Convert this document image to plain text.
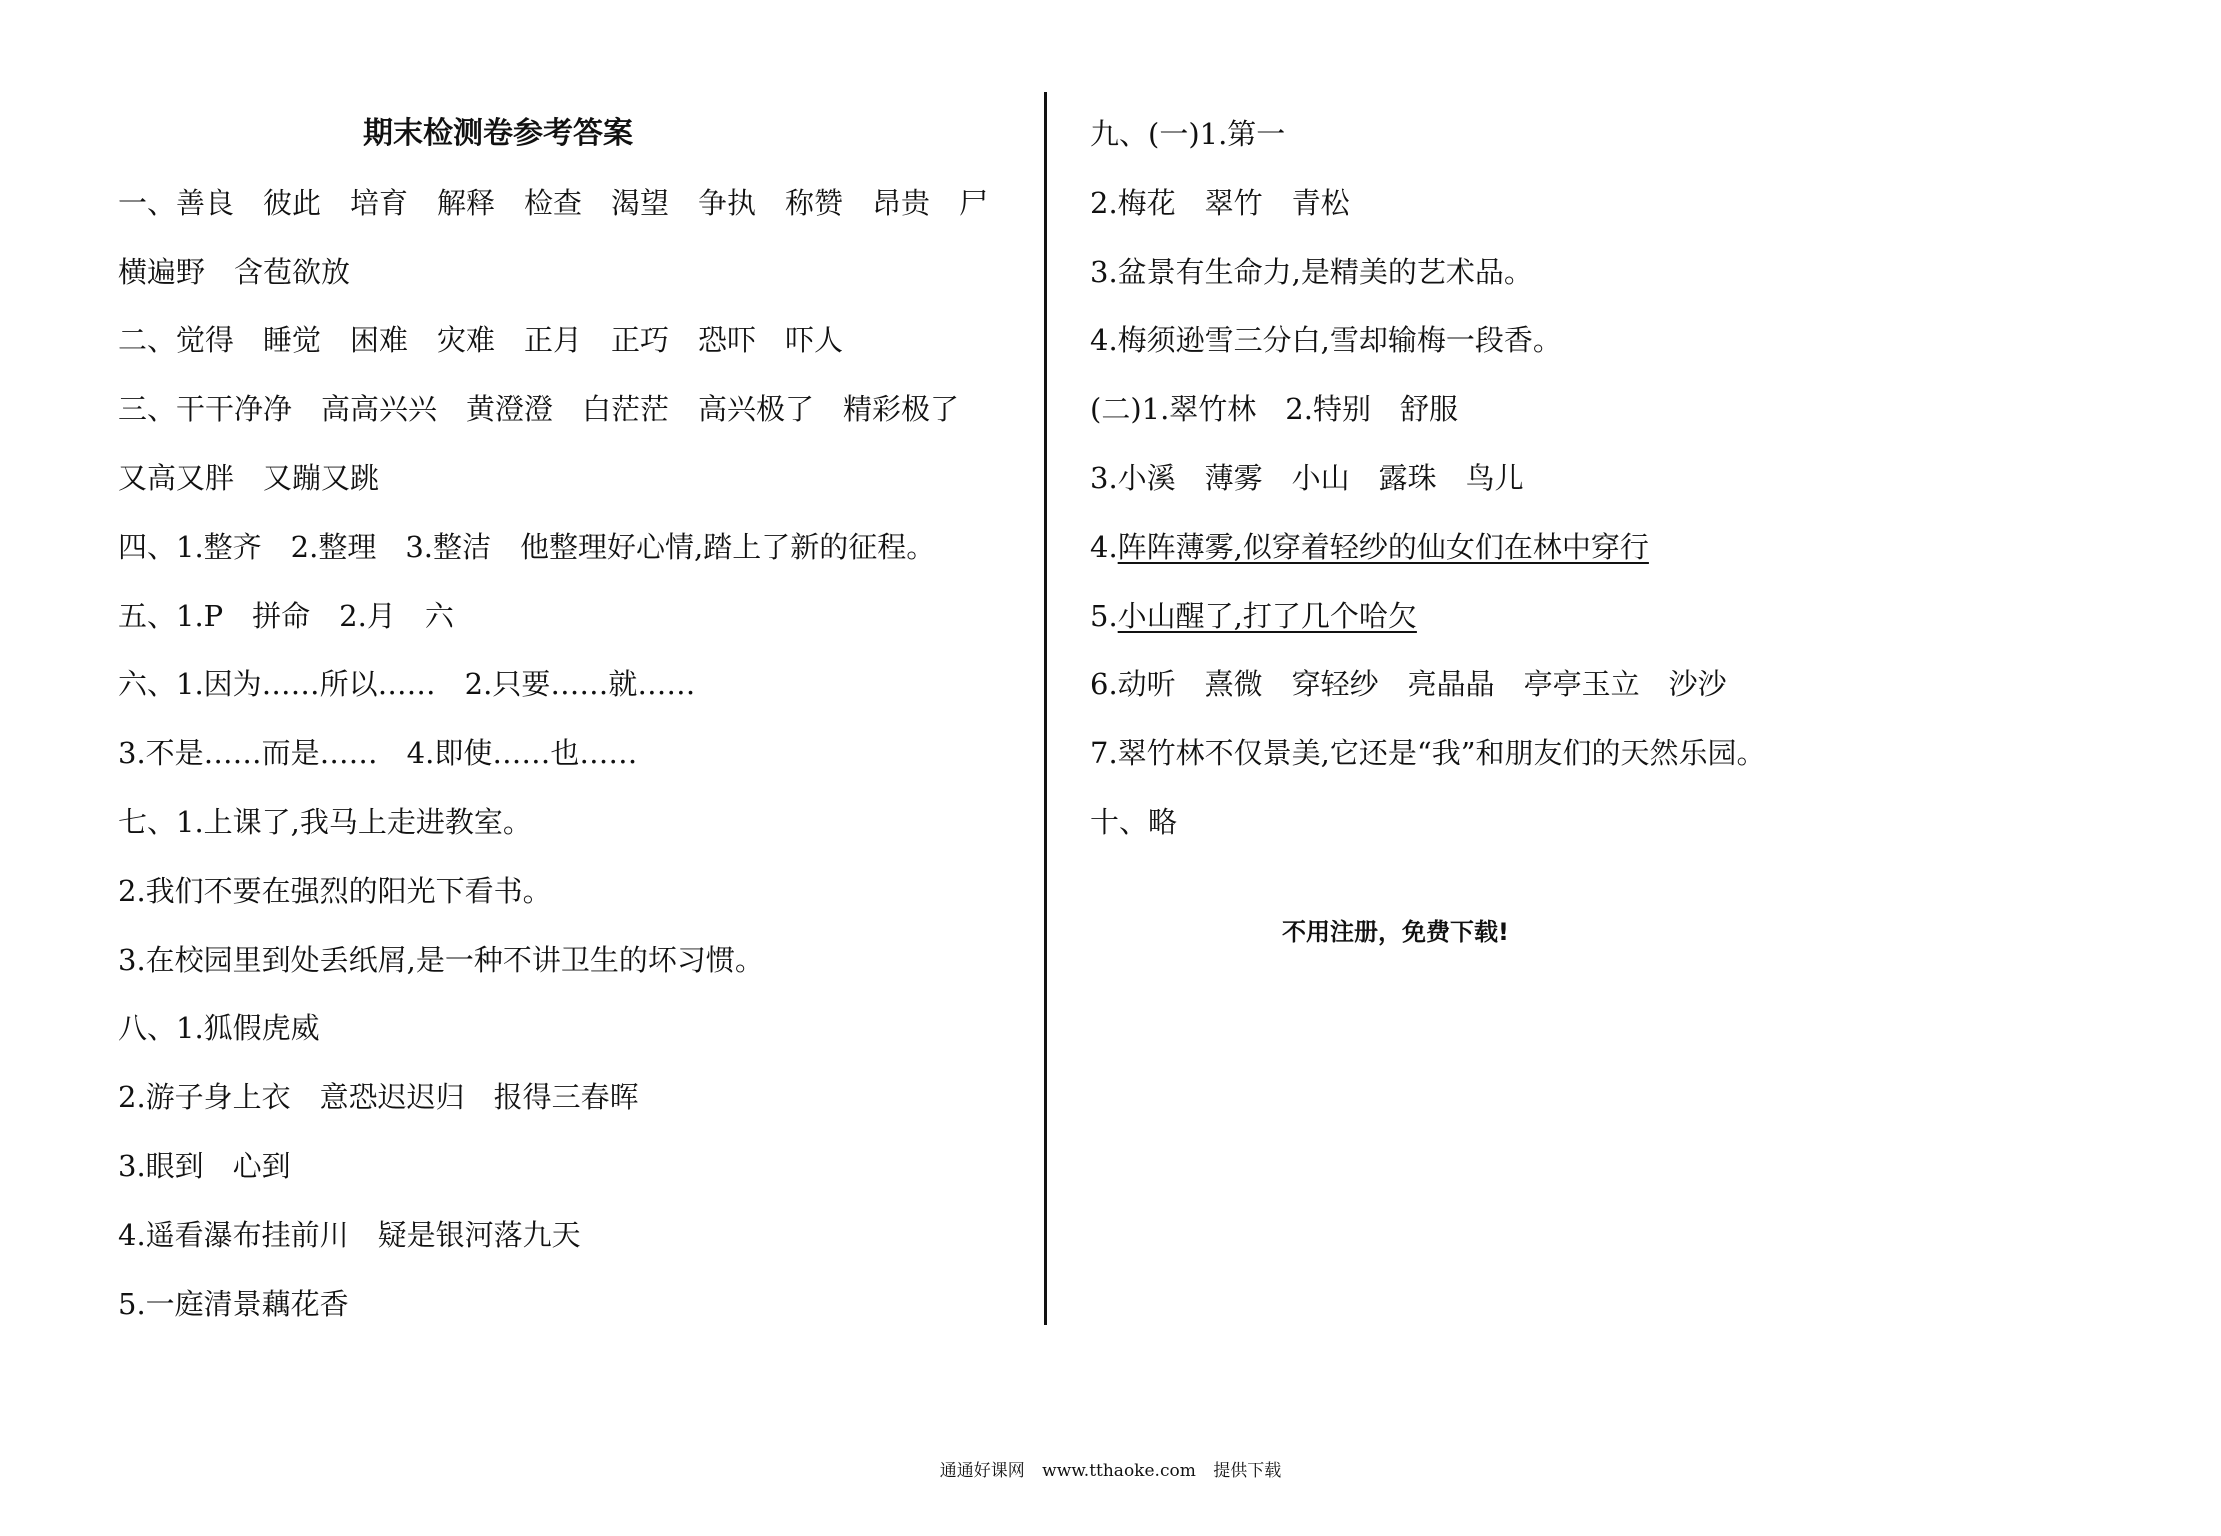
期末检测卷参考答案
一、善良　彼此　培育　解释　检查　渴望　争执　称赞　昂贵　尸
横遍野　含苞欲放
二、觉得　睡觉　困难　灾难　正月　正巧　恐吓　吓人
三、干干净净　高高兴兴　黄澄澄　白茫茫　高兴极了　精彩极了
又高又胖　又蹦又跳
四、1.整齐　2.整理　3.整洁　他整理好心情,踏上了新的征程。
五、1.P　拼命　2.月　六
六、1.因为……所以……　2.只要……就……
3.不是……而是……　4.即使……也……
七、1.上课了,我马上走进教室。
2.我们不要在强烈的阳光下看书。
3.在校园里到处丢纸屑,是一种不讲卫生的坏习惯。
八、1.狐假虎威
2.游子身上衣　意恐迟迟归　报得三春晖
3.眼到　心到
4.遥看瀑布挂前川　疑是银河落九天
5.一庭清景藕花香
九、(一)1.第一
2.梅花　翠竹　青松
3.盆景有生命力,是精美的艺术品。
4.梅须逊雪三分白,雪却输梅一段香。
(二)1.翠竹林　2.特别　舒服
3.小溪　薄雾　小山　露珠　鸟儿
4.阵阵薄雾,似穿着轻纱的仙女们在林中穿行
5.小山醒了,打了几个哈欠
6.动听　熹微　穿轻纱　亮晶晶　亭亭玉立　沙沙
7.翠竹林不仅景美,它还是“我”和朋友们的天然乐园。
十、略
不用注册，免费下载!
通通好课网 www.tthaoke.com 提供下载
